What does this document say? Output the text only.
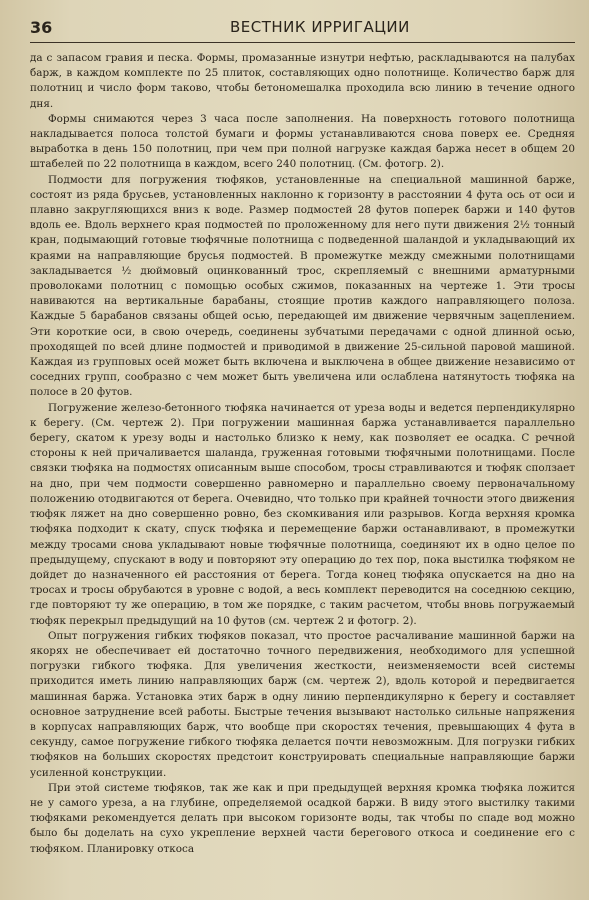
36	ВЕСТНИК ИРРИГАЦИИ

да с запасом гравия и песка. Формы, промазанные изнутри нефтью, раскладываются на палубах барж, в каждом комплекте по 25 плиток, составляющих одно полотнище. Количество барж для полотниц и число форм таково, чтобы бетономешалка проходила всю линию в течение одного дня.

Формы снимаются через 3 часа после заполнения. На поверхность готового полотнища накладывается полоса толстой бумаги и формы устанавливаются снова поверх ее. Средняя выработка в день 150 полотниц, при чем при полной нагрузке каждая баржа несет в общем 20 штабелей по 22 полотнища в каждом, всего 240 полотниц. (См. фотогр. 2).

Подмости для погружения тюфяков, установленные на специальной машинной барже, состоят из ряда брусьев, установленных наклонно к горизонту в расстоянии 4 фута ось от оси и плавно закругляющихся вниз к воде. Размер подмостей 28 футов поперек баржи и 140 футов вдоль ее. Вдоль верхнего края подмостей по проложенному для него пути движения 2½ тонный кран, подымающий готовые тюфячные полотнища с подведенной шаландой и укладывающий их краями на направляющие брусья подмостей. В промежутке между смежными полотнищами закладывается ½ дюймовый оцинкованный трос, скрепляемый с внешними арматурными проволоками полотниц с помощью особых сжимов, показанных на чертеже 1. Эти тросы навиваются на вертикальные барабаны, стоящие против каждого направляющего полоза. Каждые 5 барабанов связаны общей осью, передающей им движение червячным зацеплением. Эти короткие оси, в свою очередь, соединены зубчатыми передачами с одной длинной осью, проходящей по всей длине подмостей и приводимой в движение 25-сильной паровой машиной. Каждая из групповых осей может быть включена и выключена в общее движение независимо от соседних групп, сообразно с чем может быть увеличена или ослаблена натянутость тюфяка на полосе в 20 футов.

Погружение железо-бетонного тюфяка начинается от уреза воды и ведется перпендикулярно к берегу. (См. чертеж 2). При погружении машинная баржа устанавливается параллельно берегу, скатом к урезу воды и настолько близко к нему, как позволяет ее осадка. С речной стороны к ней причаливается шаланда, груженная готовыми тюфячными полотнищами. После связки тюфяка на подмостях описанным выше способом, тросы стравливаются и тюфяк сползает на дно, при чем подмости совершенно равномерно и параллельно своему первоначальному положению отодвигаются от берега. Очевидно, что только при крайней точности этого движения тюфяк ляжет на дно совершенно ровно, без скомкивания или разрывов. Когда верхняя кромка тюфяка подходит к скату, спуск тюфяка и перемещение баржи останавливают, в промежутки между тросами снова укладывают новые тюфячные полотнища, соединяют их в одно целое по предыдущему, спускают в воду и повторяют эту операцию до тех пор, пока выстилка тюфяком не дойдет до назначенного ей расстояния от берега. Тогда конец тюфяка опускается на дно на тросах и тросы обрубаются в уровне с водой, а весь комплект переводится на соседнюю секцию, где повторяют ту же операцию, в том же порядке, с таким расчетом, чтобы вновь погружаемый тюфяк перекрыл предыдущий на 10 футов (см. чертеж 2 и фотогр. 2).

Опыт погружения гибких тюфяков показал, что простое расчаливание машинной баржи на якорях не обеспечивает ей достаточно точного передвижения, необходимого для успешной погрузки гибкого тюфяка. Для увеличения жесткости, неизменяемости всей системы приходится иметь линию направляющих барж (см. чертеж 2), вдоль которой и передвигается машинная баржа. Установка этих барж в одну линию перпендикулярно к берегу и составляет основное затруднение всей работы. Быстрые течения вызывают настолько сильные напряжения в корпусах направляющих барж, что вообще при скоростях течения, превышающих 4 фута в секунду, самое погружение гибкого тюфяка делается почти невозможным. Для погрузки гибких тюфяков на больших скоростях предстоит конструировать специальные направляющие баржи усиленной конструкции.

При этой системе тюфяков, так же как и при предыдущей верхняя кромка тюфяка ложится не у самого уреза, а на глубине, определяемой осадкой баржи. В виду этого выстилку такими тюфяками рекомендуется делать при высоком горизонте воды, так чтобы по спаде вод можно было бы доделать на сухо укрепление верхней части берегового откоса и соединение его с тюфяком. Планировку откоса
